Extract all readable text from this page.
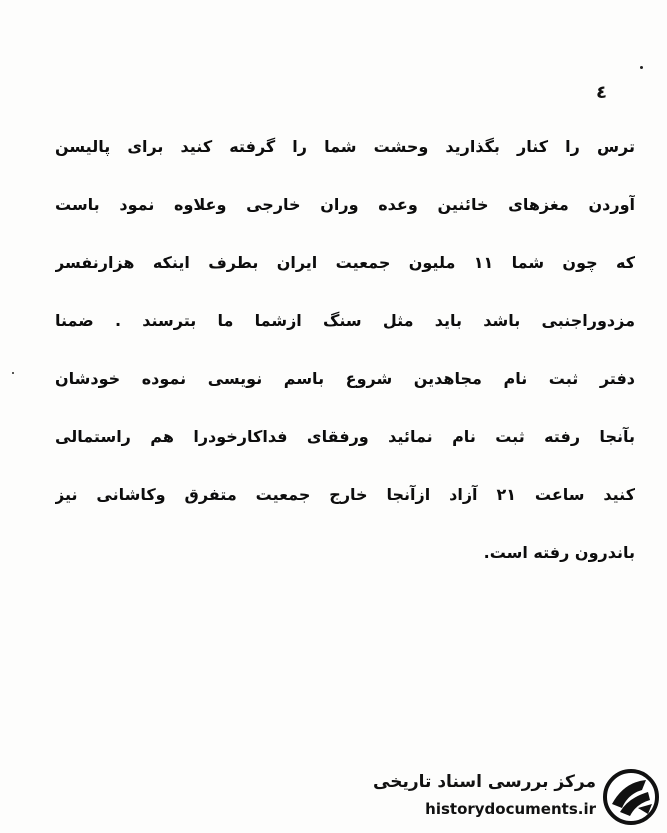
٤
ترس را کنار بگذارید وحشت شما را گرفته کنید برای پالیسن
آوردن مغزهای خائنین وعده وران خارجی وعلاوه نمود باست
که چون شما ۱۱ ملیون جمعیت ایران بطرف اینکه هزارنفسر
مزدوراجنبی باشد باید مثل سنگ ازشما ما بترسند . ضمنا
دفتر ثبت نام مجاهدین شروع باسم نویسی نموده خودشان
بآنجا رفته ثبت نام نمائید ورفقای فداکارخودرا هم راستمالی
کنید ساعت ۲۱ آزاد ازآنجا خارج جمعیت متفرق وکاشانی نیز
باندرون رفته است.
مرکز بررسی اسناد تاریخی
historydocuments.ir
